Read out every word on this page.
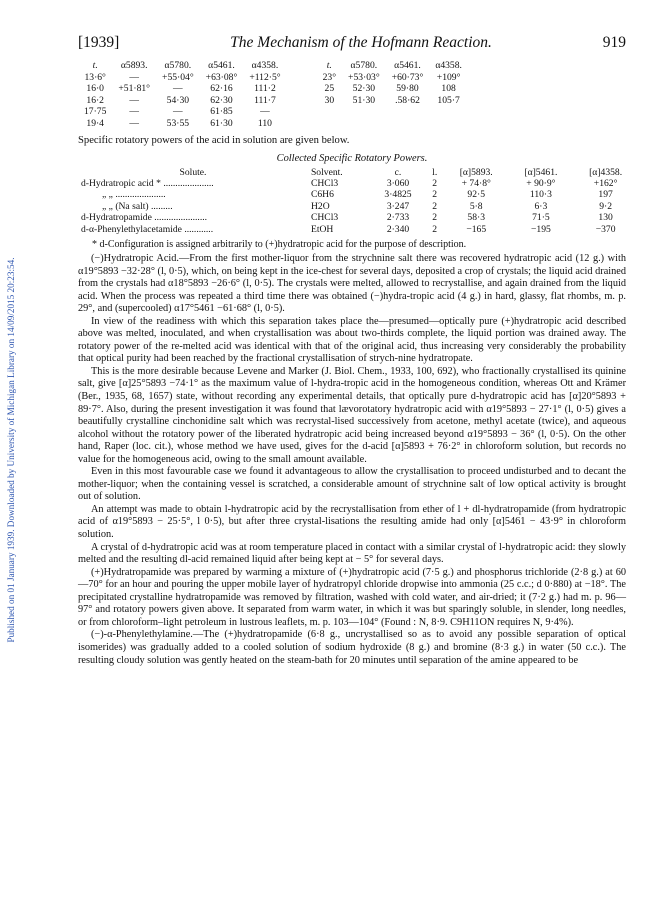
Published on 01 January 1939. Downloaded by University of Michigan Library on 14/09/2015 20:23:54.
[1939]	The Mechanism of the Hofmann Reaction.	919
t.	α5893.	α5780.	α5461.	α4358.		t.	α5780.	α5461.	α4358.
13·6°	—	+55·04°	+63·08°	+112·5°		23°	+53·03°	+60·73°	+109°
16·0	+51·81°	—	62·16	111·2		25	52·30	59·80	108
16·2	—	54·30	62·30	111·7		30	51·30	.58·62	105·7
17·75	—	—	61·85	—					
19·4	—	53·55	61·30	110					
Specific rotatory powers of the acid in solution are given below.
Collected Specific Rotatory Powers.
Solute.	Solvent.	c.	l.	[α]5893.	[α]5461.	[α]4358.
d-Hydratropic acid * .....................	CHCl3	3·060	2	+ 74·8°	+ 90·9°	+162°
„ „ .....................	C6H6	3·4825	2	92·5	110·3	197
„ „ (Na salt) .........	H2O	3·247	2	5·8	6·3	9·2
d-Hydratropamide ......................	CHCl3	2·733	2	58·3	71·5	130
d-α-Phenylethylacetamide ............	EtOH	2·340	2	−165	−195	−370
* d-Configuration is assigned arbitrarily to (+)hydratropic acid for the purpose of description.

(−)Hydratropic Acid.—From the first mother-liquor from the strychnine salt there was recovered hydratropic acid (12 g.) with α19°5893 −32·28° (l, 0·5), which, on being kept in the ice-chest for several days, deposited a crop of crystals; the liquid acid drained from the crystals had α18°5893 −26·6° (l, 0·5). The crystals were melted, allowed to recrystallise, and again drained from the liquid acid. When the process was repeated a third time there was obtained (−)hydra-tropic acid (4 g.) in hard, glassy, flat rhombs, m. p. 29°, and (supercooled) α17°5461 −61·68° (l, 0·5).

In view of the readiness with which this separation takes place the—presumed—optically pure (+)hydratropic acid described above was melted, inoculated, and when crystallisation was about two-thirds complete, the liquid portion was drained away. The rotatory power of the re-melted acid was identical with that of the original acid, thus increasing very considerably the probability that optical purity had been reached by the fractional crystallisation of strych-nine hydratropate.

This is the more desirable because Levene and Marker (J. Biol. Chem., 1933, 100, 692), who fractionally crystallised its quinine salt, give [α]25°5893 −74·1° as the maximum value of l-hydra-tropic acid in the homogeneous condition, whereas Ott and Krämer (Ber., 1935, 68, 1657) state, without recording any experimental details, that optically pure d-hydratropic acid has [α]20°5893 + 89·7°. Also, during the present investigation it was found that lævorotatory hydratropic acid with α19°5893 − 27·1° (l, 0·5) gives a beautifully crystalline cinchonidine salt which was recrystal-lised successively from acetone, methyl acetate (twice), and aqueous alcohol without the rotatory power of the liberated hydratropic acid being increased beyond α19°5893 − 36° (l, 0·5). On the other hand, Raper (loc. cit.), whose method we have used, gives for the d-acid [α]5893 + 76·2° in chloroform solution, but records no value for the homogeneous acid, owing to the small amount available.

Even in this most favourable case we found it advantageous to allow the crystallisation to proceed undisturbed and to decant the mother-liquor; when the containing vessel is scratched, a considerable amount of strychnine salt of low optical activity is brought out of solution.

An attempt was made to obtain l-hydratropic acid by the recrystallisation from ether of l + dl-hydratropamide (from hydratropic acid of α19°5893 − 25·5°, l 0·5), but after three crystal-lisations the resulting amide had only [α]5461 − 43·9° in chloroform solution.

A crystal of d-hydratropic acid was at room temperature placed in contact with a similar crystal of l-hydratropic acid: they slowly melted and the resulting dl-acid remained liquid after being kept at − 5° for several days.

(+)Hydratropamide was prepared by warming a mixture of (+)hydratropic acid (7·5 g.) and phosphorus trichloride (2·8 g.) at 60—70° for an hour and pouring the upper mobile layer of hydratropyl chloride dropwise into ammonia (25 c.c.; d 0·880) at −18°. The precipitated crystalline hydratropamide was removed by filtration, washed with cold water, and air-dried; it (7·2 g.) had m. p. 96—97° and rotatory powers given above. It separated from warm water, in which it was but sparingly soluble, in slender, long needles, or from chloroform–light petroleum in lustrous leaflets, m. p. 103—104° (Found : N, 8·9. C9H11ON requires N, 9·4%).

(−)-α-Phenylethylamine.—The (+)hydratropamide (6·8 g., uncrystallised so as to avoid any possible separation of optical isomerides) was gradually added to a cooled solution of sodium hydroxide (8 g.) and bromine (8·3 g.) in water (50 c.c.). The resulting cloudy solution was gently heated on the steam-bath for 20 minutes until separation of the amine appeared to be
